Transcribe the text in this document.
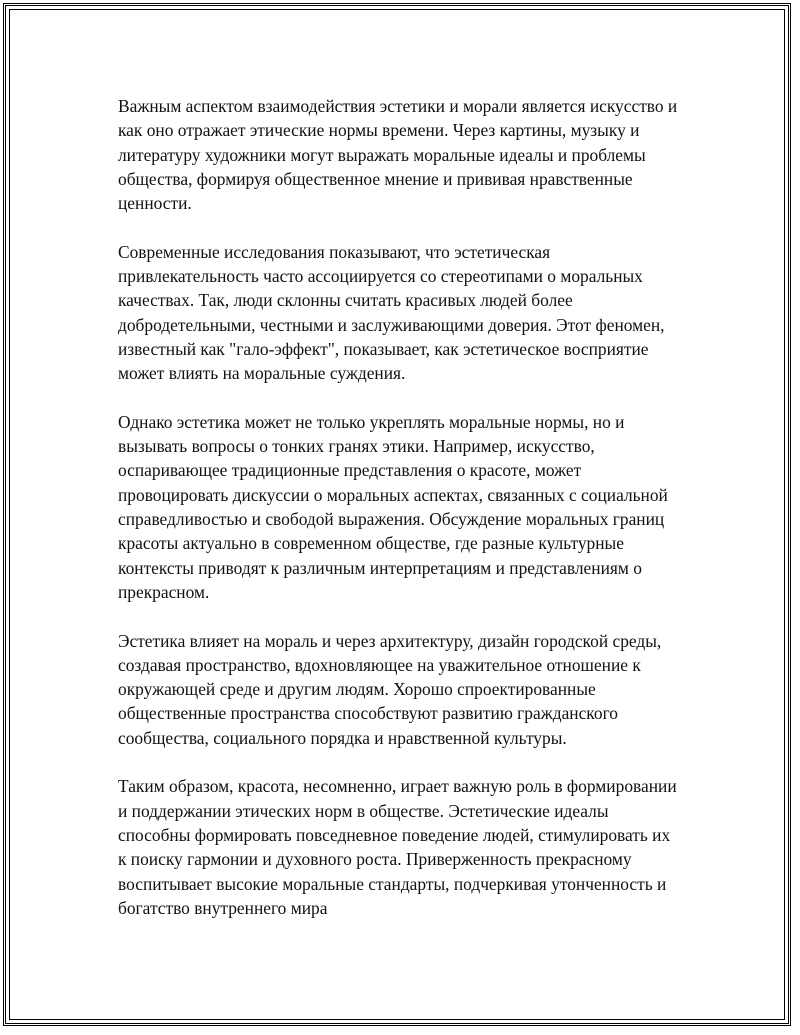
Важным аспектом взаимодействия эстетики и морали является искусство и как оно отражает этические нормы времени. Через картины, музыку и литературу художники могут выражать моральные идеалы и проблемы общества, формируя общественное мнение и прививая нравственные ценности.

Современные исследования показывают, что эстетическая привлекательность часто ассоциируется со стереотипами о моральных качествах. Так, люди склонны считать красивых людей более добродетельными, честными и заслуживающими доверия. Этот феномен, известный как "гало-эффект", показывает, как эстетическое восприятие может влиять на моральные суждения.

Однако эстетика может не только укреплять моральные нормы, но и вызывать вопросы о тонких гранях этики. Например, искусство, оспаривающее традиционные представления о красоте, может провоцировать дискуссии о моральных аспектах, связанных с социальной справедливостью и свободой выражения. Обсуждение моральных границ красоты актуально в современном обществе, где разные культурные контексты приводят к различным интерпретациям и представлениям о прекрасном.

Эстетика влияет на мораль и через архитектуру, дизайн городской среды, создавая пространство, вдохновляющее на уважительное отношение к окружающей среде и другим людям. Хорошо спроектированные общественные пространства способствуют развитию гражданского сообщества, социального порядка и нравственной культуры.

Таким образом, красота, несомненно, играет важную роль в формировании и поддержании этических норм в обществе. Эстетические идеалы способны формировать повседневное поведение людей, стимулировать их к поиску гармонии и духовного роста. Приверженность прекрасному воспитывает высокие моральные стандарты, подчеркивая утонченность и богатство внутреннего мира
